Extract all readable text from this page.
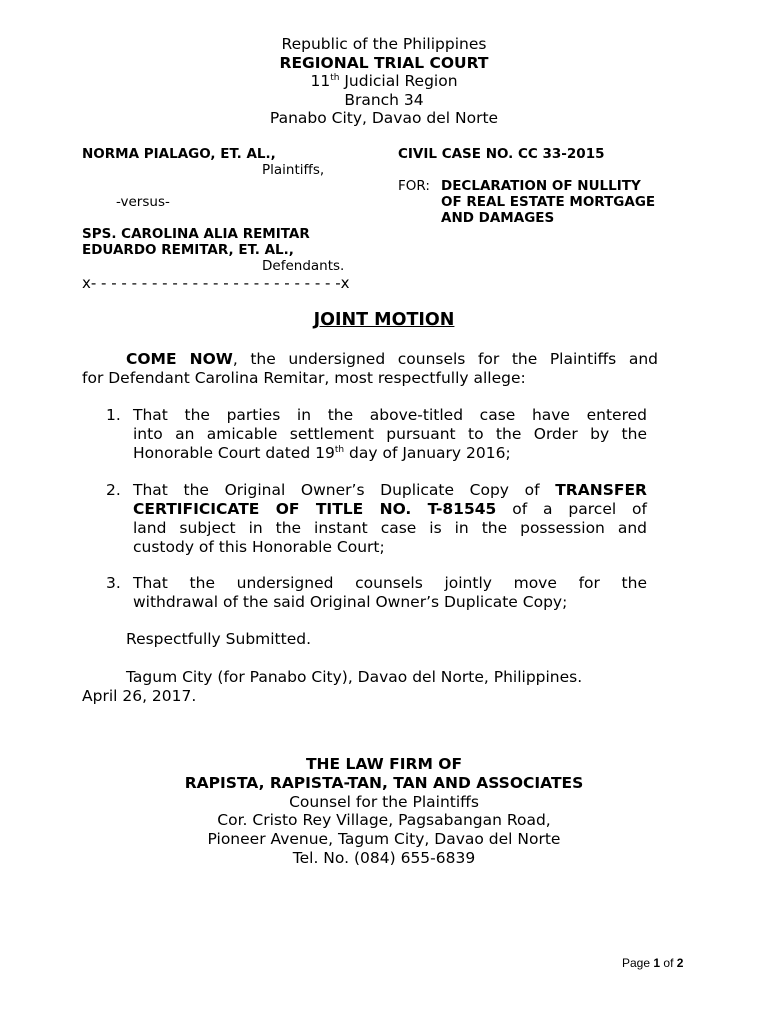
Republic of the Philippines
REGIONAL TRIAL COURT
11th Judicial Region
Branch 34
Panabo City, Davao del Norte
NORMA PIALAGO, ET. AL.,
Plaintiffs,
-versus-
SPS. CAROLINA ALIA REMITAR
EDUARDO REMITAR, ET. AL.,
Defendants.
x- - - - - - - - - - - - - - - - - - - - - - - - -x
CIVIL CASE NO. CC 33-2015
FOR: DECLARATION OF NULLITY
OF REAL ESTATE MORTGAGE
AND DAMAGES
JOINT MOTION
COME NOW, the undersigned counsels for the Plaintiffs and
for Defendant Carolina Remitar, most respectfully allege:
1. That the parties in the above-titled case have entered
into an amicable settlement pursuant to the Order by the
Honorable Court dated 19th day of January 2016;
2. That the Original Owner’s Duplicate Copy of TRANSFER
CERTIFICICATE OF TITLE NO. T-81545 of a parcel of
land subject in the instant case is in the possession and
custody of this Honorable Court;
3. That the undersigned counsels jointly move for the
withdrawal of the said Original Owner’s Duplicate Copy;
Respectfully Submitted.
Tagum City (for Panabo City), Davao del Norte, Philippines.
April 26, 2017.
THE LAW FIRM OF
RAPISTA, RAPISTA-TAN, TAN AND ASSOCIATES
Counsel for the Plaintiffs
Cor. Cristo Rey Village, Pagsabangan Road,
Pioneer Avenue, Tagum City, Davao del Norte
Tel. No. (084) 655-6839
Page 1 of 2
